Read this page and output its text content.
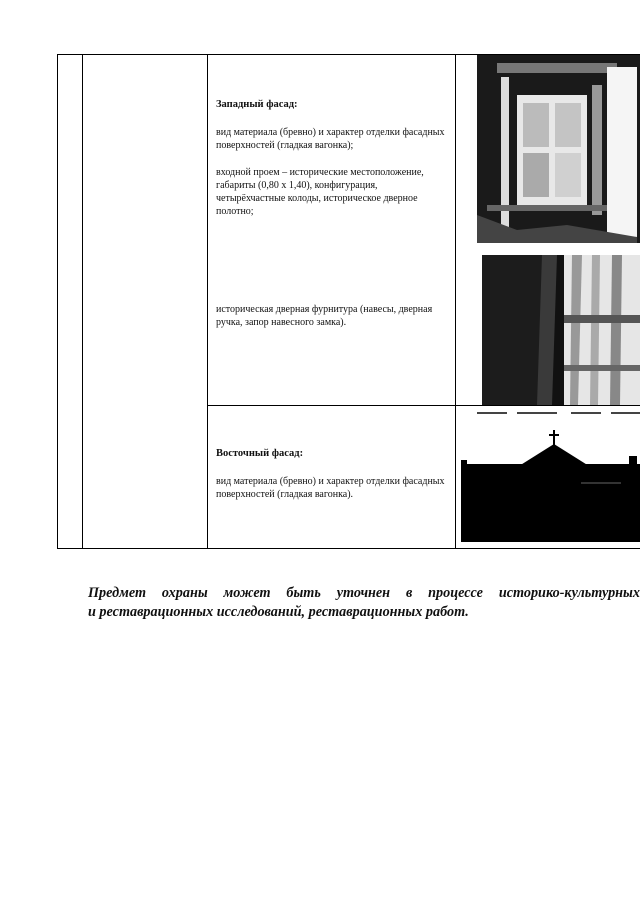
Западный фасад:
вид материала (бревно) и характер отделки фасадных поверхностей (гладкая вагонка);
входной проем – исторические местоположение, габариты (0,80 x 1,40), конфигурация, четырёхчастные колоды, историческое дверное полотно;
историческая дверная фурнитура (навесы, дверная ручка, запор навесного замка).
Восточный фасад:
вид материала (бревно) и характер отделки фасадных поверхностей (гладкая вагонка).
Предмет охраны может быть уточнен в процессе историко-культурных
и реставрационных исследований, реставрационных работ.
